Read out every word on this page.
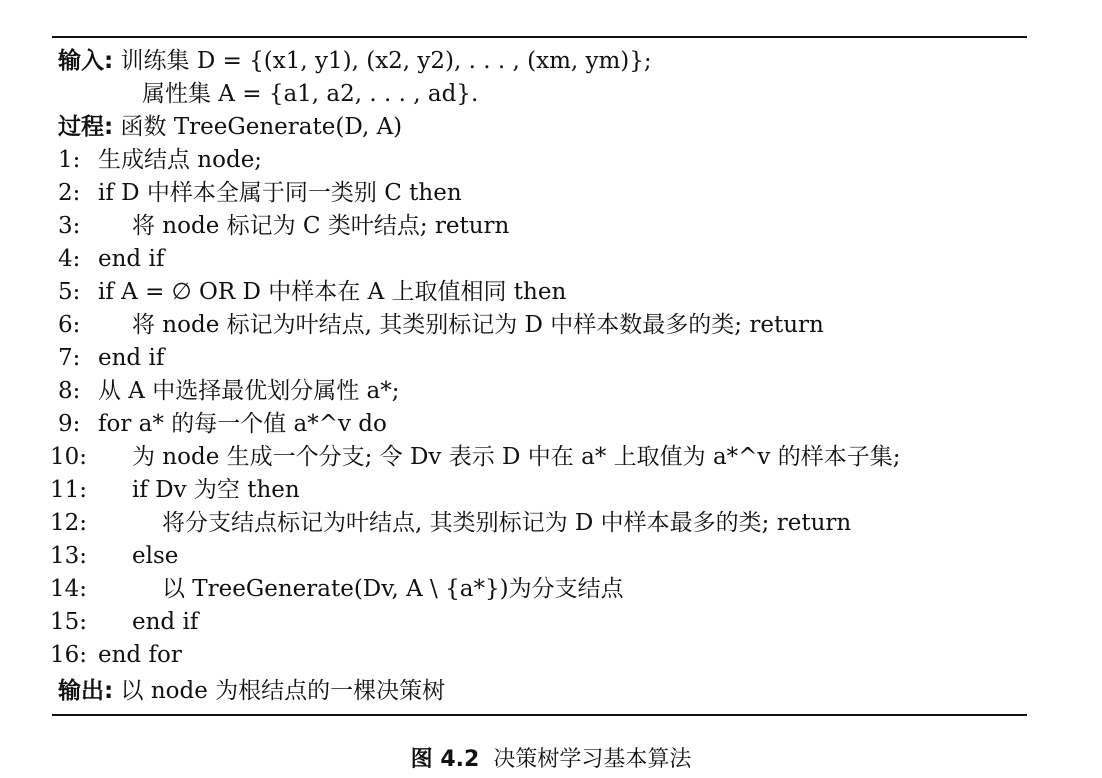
输入: 训练集 D = {(x1, y1), (x2, y2), . . . , (xm, ym)};
属性集 A = {a1, a2, . . . , ad}.
过程: 函数 TreeGenerate(D, A)
1: 生成结点 node;
2: if D 中样本全属于同一类别 C then
3: 将 node 标记为 C 类叶结点; return
4: end if
5: if A = ∅ OR D 中样本在 A 上取值相同 then
6: 将 node 标记为叶结点, 其类别标记为 D 中样本数最多的类; return
7: end if
8: 从 A 中选择最优划分属性 a*;
9: for a* 的每一个值 a*^v do
10: 为 node 生成一个分支; 令 Dv 表示 D 中在 a* 上取值为 a*^v 的样本子集;
11: if Dv 为空 then
12:	将分支结点标记为叶结点, 其类别标记为 D 中样本最多的类; return
13: else
14:	以 TreeGenerate(Dv, A \ {a*})为分支结点
15: end if
16: end for
输出: 以 node 为根结点的一棵决策树
图 4.2 决策树学习基本算法
